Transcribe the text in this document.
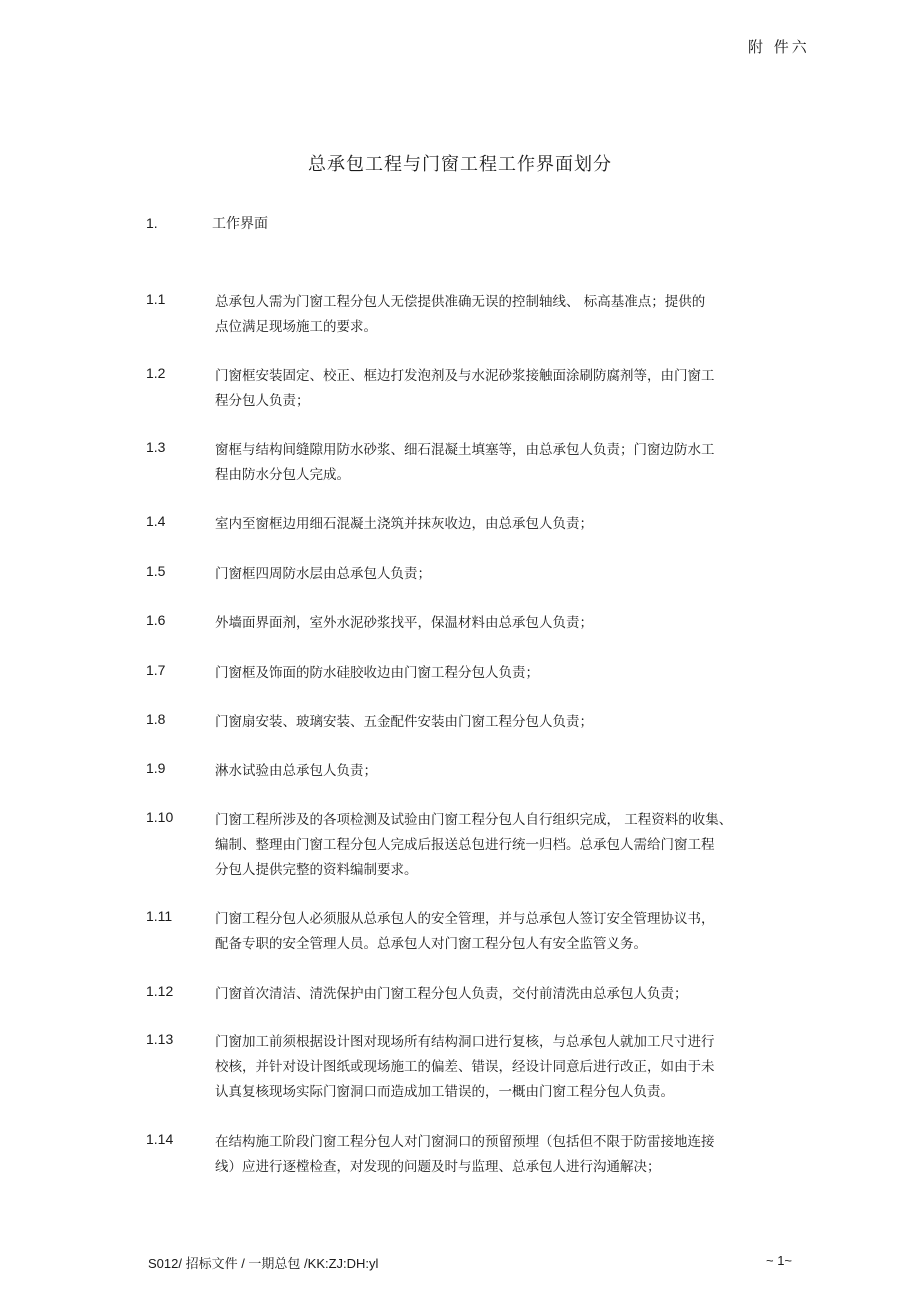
附 件六
总承包工程与门窗工程工作界面划分
1.	工作界面
1.1	总承包人需为门窗工程分包人无偿提供准确无误的控制轴线、 标高基准点；提供的
点位满足现场施工的要求。
1.2	门窗框安装固定、校正、框边打发泡剂及与水泥砂浆接触面涂刷防腐剂等，由门窗工
程分包人负责；
1.3	窗框与结构间缝隙用防水砂浆、细石混凝土填塞等，由总承包人负责；门窗边防水工
程由防水分包人完成。
1.4	室内至窗框边用细石混凝土浇筑并抹灰收边，由总承包人负责；
1.5	门窗框四周防水层由总承包人负责；
1.6	外墙面界面剂，室外水泥砂浆找平，保温材料由总承包人负责；
1.7	门窗框及饰面的防水硅胶收边由门窗工程分包人负责；
1.8	门窗扇安装、玻璃安装、五金配件安装由门窗工程分包人负责；
1.9	淋水试验由总承包人负责；
1.10	门窗工程所涉及的各项检测及试验由门窗工程分包人自行组织完成， 工程资料的收集、
编制、整理由门窗工程分包人完成后报送总包进行统一归档。总承包人需给门窗工程
分包人提供完整的资料编制要求。
1.11	门窗工程分包人必须服从总承包人的安全管理，并与总承包人签订安全管理协议书，
配备专职的安全管理人员。总承包人对门窗工程分包人有安全监管义务。
1.12	门窗首次清洁、清洗保护由门窗工程分包人负责，交付前清洗由总承包人负责；
1.13	门窗加工前须根据设计图对现场所有结构洞口进行复核，与总承包人就加工尺寸进行
校核，并针对设计图纸或现场施工的偏差、错误，经设计同意后进行改正，如由于未
认真复核现场实际门窗洞口而造成加工错误的，一概由门窗工程分包人负责。
1.14	在结构施工阶段门窗工程分包人对门窗洞口的预留预埋（包括但不限于防雷接地连接
线）应进行逐樘检查，对发现的问题及时与监理、总承包人进行沟通解决；
S012/ 招标文件 / 一期总包 /KK:ZJ:DH:yl	~ 1~
